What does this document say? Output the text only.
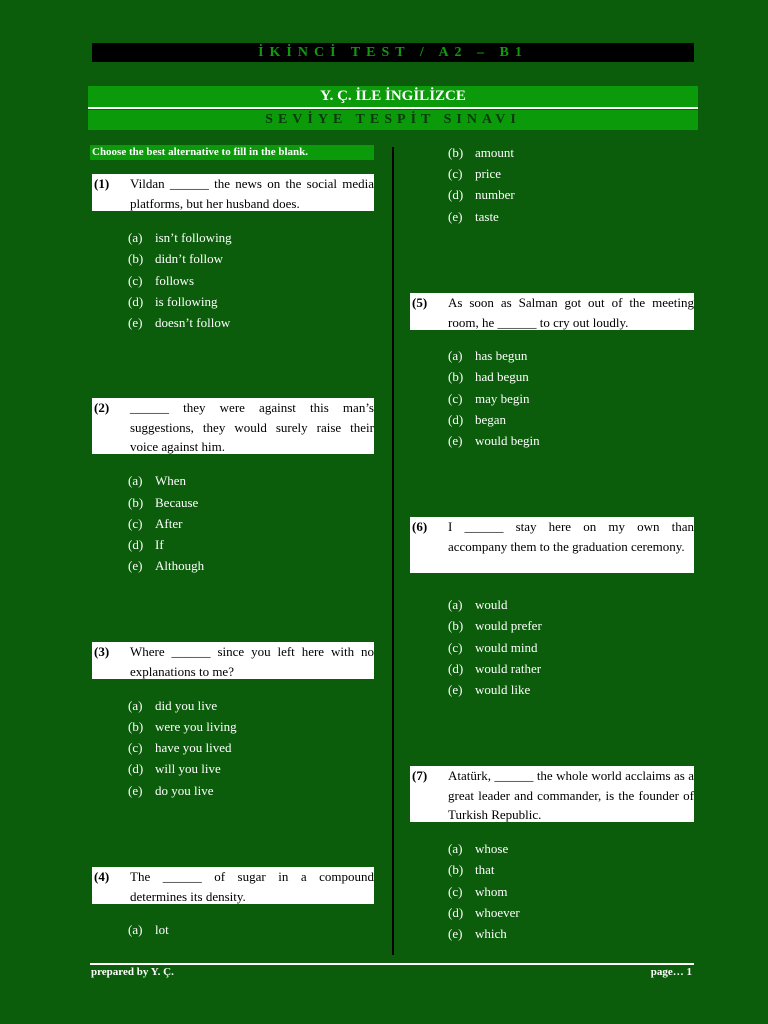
İKİNCİ TEST / A2 – B1
Y. Ç. İLE İNGİLİZCE
SEVİYE TESPİT SINAVI
Choose the best alternative to fill in the blank.
(1) Vildan ______ the news on the social media platforms, but her husband does.
(a) isn’t following
(b) didn’t follow
(c) follows
(d) is following
(e) doesn’t follow
(2) ______ they were against this man’s suggestions, they would surely raise their voice against him.
(a) When
(b) Because
(c) After
(d) If
(e) Although
(3) Where ______ since you left here with no explanations to me?
(a) did you live
(b) were you living
(c) have you lived
(d) will you live
(e) do you live
(4) The ______ of sugar in a compound determines its density.
(a) lot
(b) amount
(c) price
(d) number
(e) taste
(5) As soon as Salman got out of the meeting room, he ______ to cry out loudly.
(a) has begun
(b) had begun
(c) may begin
(d) began
(e) would begin
(6) I ______ stay here on my own than accompany them to the graduation ceremony.
(a) would
(b) would prefer
(c) would mind
(d) would rather
(e) would like
(7) Atatürk, ______ the whole world acclaims as a great leader and commander, is the founder of Turkish Republic.
(a) whose
(b) that
(c) whom
(d) whoever
(e) which
prepared by Y. Ç.	page… 1
